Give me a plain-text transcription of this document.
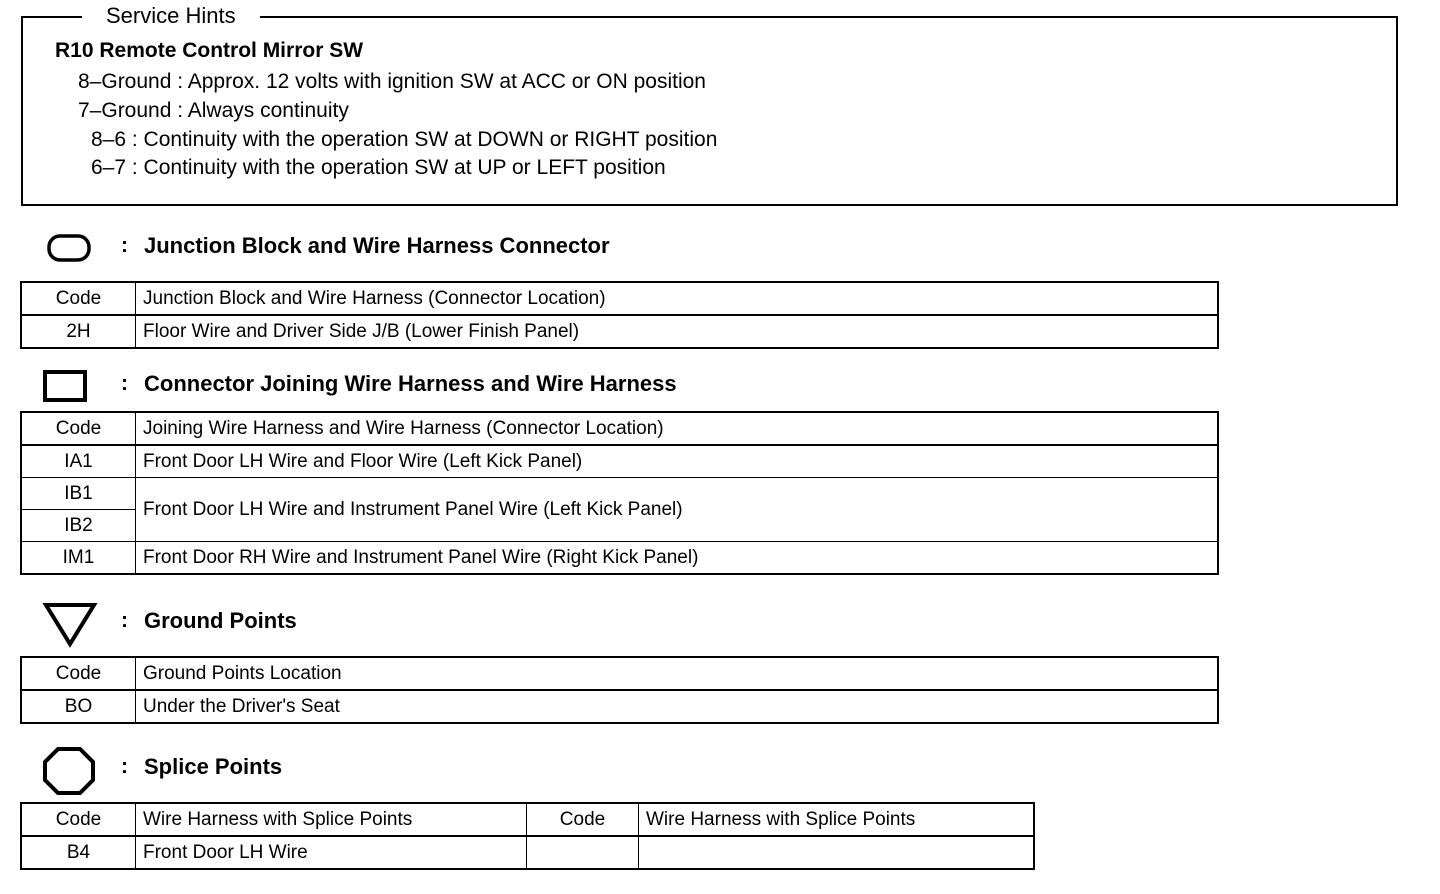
Service Hints
R10 Remote Control Mirror SW
8–Ground : Approx. 12 volts with ignition SW at ACC or ON position
7–Ground : Always continuity
8–6 : Continuity with the operation SW at DOWN or RIGHT position
6–7 : Continuity with the operation SW at UP or LEFT position
: Junction Block and Wire Harness Connector
Code	Junction Block and Wire Harness (Connector Location)
2H	Floor Wire and Driver Side J/B (Lower Finish Panel)
: Connector Joining Wire Harness and Wire Harness
Code	Joining Wire Harness and Wire Harness (Connector Location)
IA1	Front Door LH Wire and Floor Wire (Left Kick Panel)
IB1	Front Door LH Wire and Instrument Panel Wire (Left Kick Panel)
IB2	
IM1	Front Door RH Wire and Instrument Panel Wire (Right Kick Panel)
: Ground Points
Code	Ground Points Location
BO	Under the Driver's Seat
: Splice Points
Code	Wire Harness with Splice Points	Code	Wire Harness with Splice Points
B4	Front Door LH Wire		
